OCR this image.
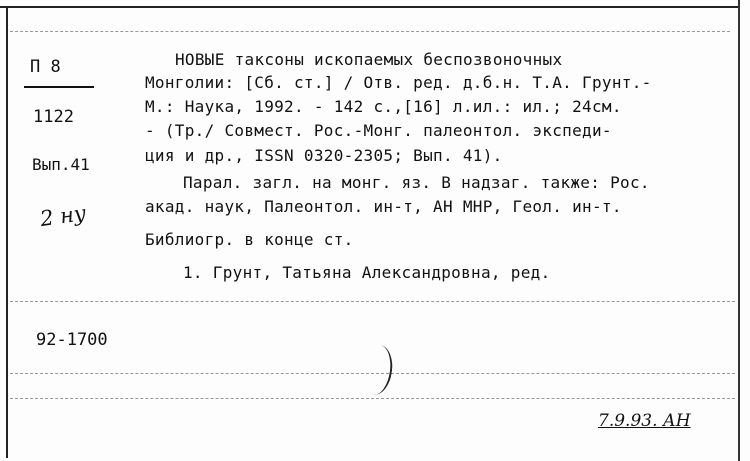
П 8
1122
Вып.41
2 ну
92-1700
НОВЫЕ таксоны ископаемых беспозвоночных
Монголии: [Сб. ст.] / Отв. ред. д.б.н. Т.А. Грунт.-
М.: Наука, 1992. - 142 с.,[16] л.ил.: ил.; 24см.
- (Тр./ Совмест. Рос.-Монг. палеонтол. экспеди-
ция и др., ISSN 0320-2305; Вып. 41).
Парал. загл. на монг. яз. В надзаг. также: Рос.
акад. наук, Палеонтол. ин-т, АН МНР, Геол. ин-т.
Библиогр. в конце ст.
1. Грунт, Татьяна Александровна, ред.
7.9.93. АН
